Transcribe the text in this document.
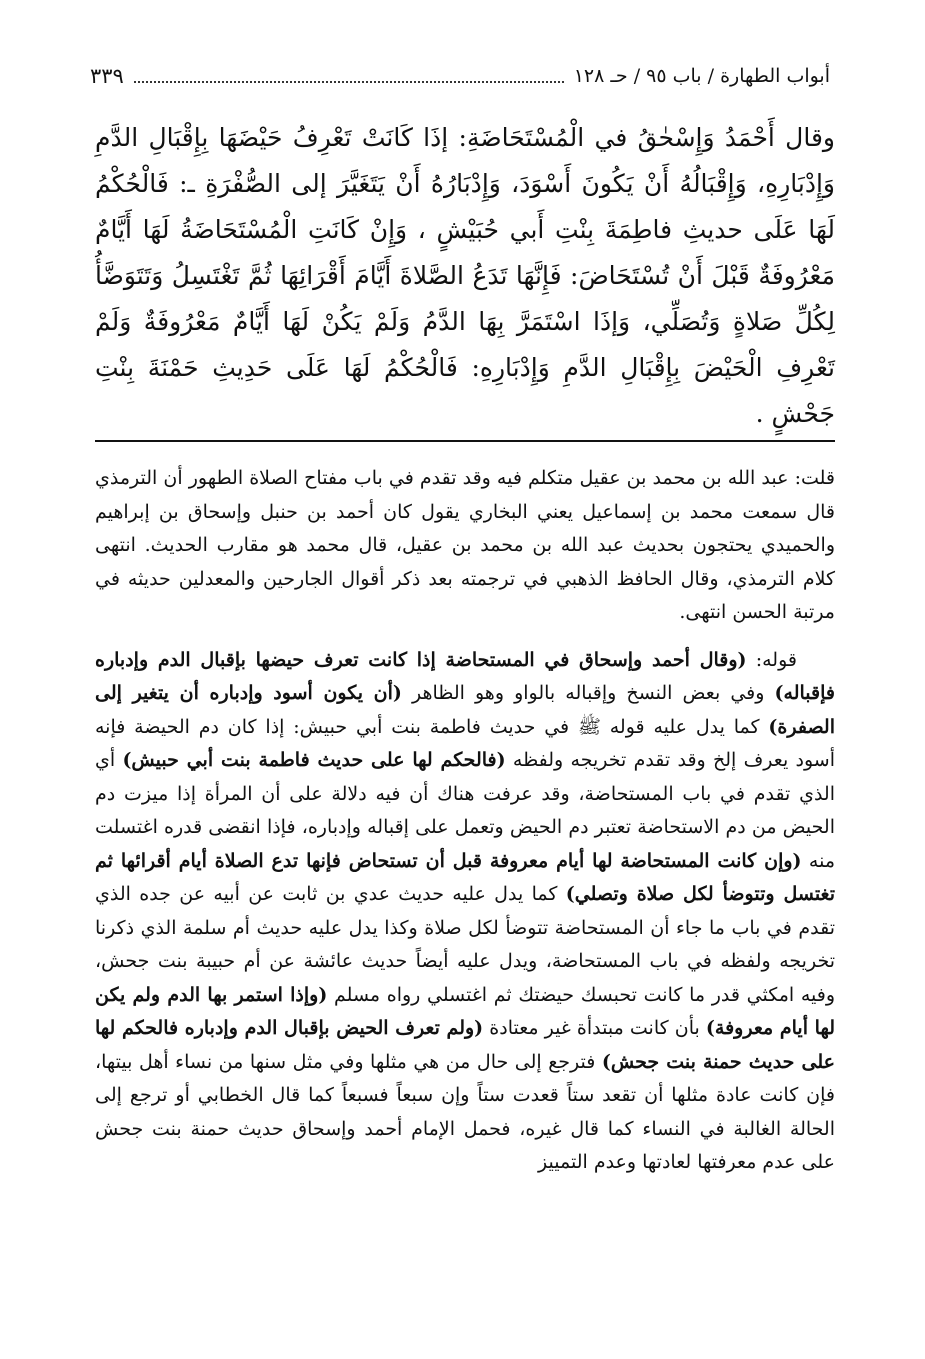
أبواب الطهارة / باب ٩٥ / حـ ١٢٨
٣٣٩

وقال أَحْمَدُ وَإِسْحٰقُ في الْمُسْتَحَاضَةِ: إذَا كَانَتْ تَعْرِفُ حَيْضَهَا بِإِقْبَالِ الدَّمِ وَإِدْبَارِهِ، وَإِقْبَالُهُ أَنْ يَكُونَ أَسْوَدَ، وَإِدْبَارُهُ أَنْ يَتَغَيَّرَ إلى الصُّفْرَةِ ـ: فَالْحُكْمُ لَهَا عَلَى حديثِ فاطِمَةَ بِنْتِ أَبي حُبَيْشٍ ، وَإِنْ كَانَتِ الْمُسْتَحَاضَةُ لَهَا أَيَّامٌ مَعْرُوفَةٌ قَبْلَ أَنْ تُسْتَحَاضَ: فَإِنَّهَا تَدَعُ الصَّلاةَ أَيَّامَ أَقْرَائِهَا ثُمَّ تَغْتَسِلُ وَتَتَوَضَّأُ لِكُلِّ صَلاةٍ وَتُصَلِّي، وَإذَا اسْتَمَرَّ بِهَا الدَّمُ وَلَمْ يَكُنْ لَهَا أَيَّامٌ مَعْرُوفَةٌ وَلَمْ تَعْرِفِ الْحَيْضَ بِإِقْبَالِ الدَّمِ وَإِدْبَارِهِ: فَالْحُكْمُ لَهَا عَلَى حَدِيثِ حَمْنَةَ بِنْتِ جَحْشٍ .

قلت: عبد الله بن محمد بن عقيل متكلم فيه وقد تقدم في باب مفتاح الصلاة الطهور أن الترمذي قال سمعت محمد بن إسماعيل يعني البخاري يقول كان أحمد بن حنبل وإسحاق بن إبراهيم والحميدي يحتجون بحديث عبد الله بن محمد بن عقيل، قال محمد هو مقارب الحديث. انتهى كلام الترمذي، وقال الحافظ الذهبي في ترجمته بعد ذكر أقوال الجارحين والمعدلين حديثه في مرتبة الحسن انتهى.

قوله: (وقال أحمد وإسحاق في المستحاضة إذا كانت تعرف حيضها بإقبال الدم وإدباره فإقباله) وفي بعض النسخ وإقباله بالواو وهو الظاهر (أن يكون أسود وإدباره أن يتغير إلى الصفرة) كما يدل عليه قوله ﷺ في حديث فاطمة بنت أبي حبيش: إذا كان دم الحيضة فإنه أسود يعرف إلخ وقد تقدم تخريجه ولفظه (فالحكم لها على حديث فاطمة بنت أبي حبيش) أي الذي تقدم في باب المستحاضة، وقد عرفت هناك أن فيه دلالة على أن المرأة إذا ميزت دم الحيض من دم الاستحاضة تعتبر دم الحيض وتعمل على إقباله وإدباره، فإذا انقضى قدره اغتسلت منه (وإن كانت المستحاضة لها أيام معروفة قبل أن تستحاض فإنها تدع الصلاة أيام أقرائها ثم تغتسل وتتوضأ لكل صلاة وتصلي) كما يدل عليه حديث عدي بن ثابت عن أبيه عن جده الذي تقدم في باب ما جاء أن المستحاضة تتوضأ لكل صلاة وكذا يدل عليه حديث أم سلمة الذي ذكرنا تخريجه ولفظه في باب المستحاضة، ويدل عليه أيضاً حديث عائشة عن أم حبيبة بنت جحش، وفيه امكثي قدر ما كانت تحبسك حيضتك ثم اغتسلي رواه مسلم (وإذا استمر بها الدم ولم يكن لها أيام معروفة) بأن كانت مبتدأة غير معتادة (ولم تعرف الحيض بإقبال الدم وإدباره فالحكم لها على حديث حمنة بنت جحش) فترجع إلى حال من هي مثلها وفي مثل سنها من نساء أهل بيتها، فإن كانت عادة مثلها أن تقعد ستاً قعدت ستاً وإن سبعاً فسبعاً كما قال الخطابي أو ترجع إلى الحالة الغالبة في النساء كما قال غيره، فحمل الإمام أحمد وإسحاق حديث حمنة بنت جحش على عدم معرفتها لعادتها وعدم التمييز
